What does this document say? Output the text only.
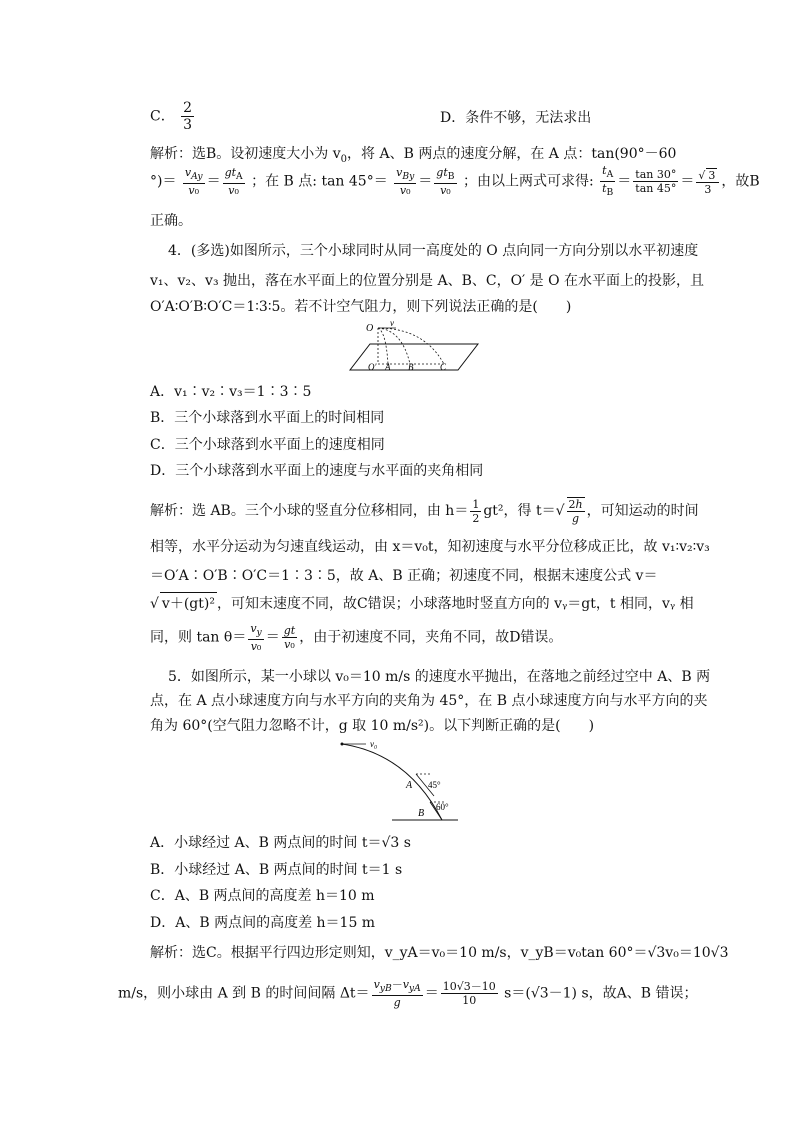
C． $\frac{2}{3}$	D．条件不够，无法求出
解析：选B。设初速度大小为 $v_0$，将 A、B 两点的速度分解，在 A 点：tan(90°－60
°)＝ $\frac{v_{Ay}}{\text{v₀}} = \frac{gt_A}{\text{v₀}}$ ；在 B 点: $\tan 45^\circ= \frac{v_{By}}{\text{v₀}} = \frac{gt_B}{\text{v₀}}$ ；由以上两式可求得: $\frac{t_A}{t_B} = \frac{\tan 30^\circ}{\tan 45^\circ} = \frac{√ 3}{3}$ ，故B
正确。
4．(多选)如图所示，三个小球同时从同一高度处的 O 点向同一方向分别以水平初速度
v₁、v₂、v₃ 抛出，落在水平面上的位置分别是 A、B、C，O′ 是 O 在水平面上的投影，且
O′A∶O′B∶O′C＝1∶3∶5。若不计空气阻力，则下列说法正确的是(　　)
O v
O′ A B	C
A．v₁∶v₂∶v₃＝1∶3∶5
B．三个小球落到水平面上的时间相同
C．三个小球落到水平面上的速度相同
D．三个小球落到水平面上的速度与水平面的夹角相同
解析：选 AB。三个小球的竖直分位移相同，由 $h= \frac{1}{2} gt^2$，得 $t=√ \frac{2h}{g}$ ，可知运动的时间
相等，水平分运动为匀速直线运动，由 x＝v₀t，知初速度与水平分位移成正比，故 v₁∶v₂∶v₃
＝O′A∶O′B∶O′C＝1∶3∶5，故 A、B 正确；初速度不同，根据末速度公式 v＝
√ v＋(gt)² ，可知末速度不同，故C错误；小球落地时竖直方向的 vᵧ＝gt，t 相同，vᵧ 相
同，则 $\tan \theta= \frac{v_y}{\text{v₀}} = \frac{gt}{\text{v₀}}$ ，由于初速度不同，夹角不同，故D错误。
5．如图所示，某一小球以 v₀＝10 m/s 的速度水平抛出，在落地之前经过空中 A、B 两
点，在 A 点小球速度方向与水平方向的夹角为 45°，在 B 点小球速度方向与水平方向的夹
角为 60°(空气阻力忽略不计，g 取 10 m/s²)。以下判断正确的是(　　)
v₀
A 45°
B
60°
A．小球经过 A、B 两点间的时间 t＝√3 s
B．小球经过 A、B 两点间的时间 t＝1 s
C．A、B 两点间的高度差 h＝10 m
D．A、B 两点间的高度差 h＝15 m
解析：选C。根据平行四边形定则知，v_yA＝v₀＝10 m/s，v_yB＝v₀tan 60°＝√3v₀＝10√3
m/s，则小球由 A 到 B 的时间间隔 $\Delta t= \frac{v_{yB}-v_{yA}}{g} = \frac{10√3-10}{10} s=(√3-1)$ s，故A、B 错误；
